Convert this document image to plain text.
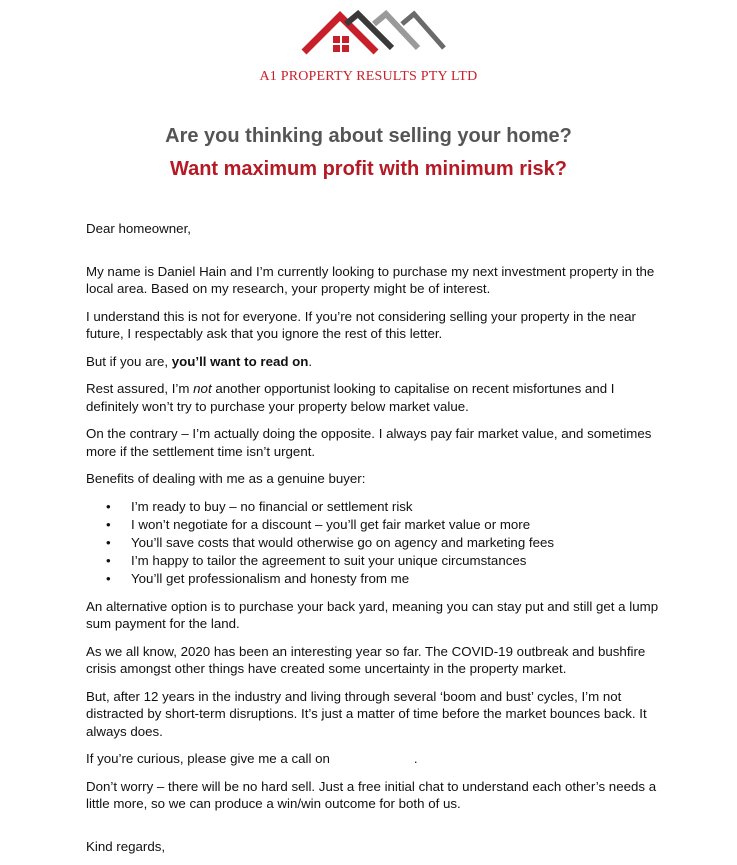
A1 PROPERTY RESULTS PTY LTD
Are you thinking about selling your home?
Want maximum profit with minimum risk?

Dear homeowner,

My name is Daniel Hain and I’m currently looking to purchase my next investment property in the local area. Based on my research, your property might be of interest.

I understand this is not for everyone. If you’re not considering selling your property in the near future, I respectably ask that you ignore the rest of this letter.

But if you are, you’ll want to read on.

Rest assured, I’m not another opportunist looking to capitalise on recent misfortunes and I definitely won’t try to purchase your property below market value.

On the contrary – I’m actually doing the opposite. I always pay fair market value, and sometimes more if the settlement time isn’t urgent.

Benefits of dealing with me as a genuine buyer:

• I’m ready to buy – no financial or settlement risk
• I won’t negotiate for a discount – you’ll get fair market value or more
• You’ll save costs that would otherwise go on agency and marketing fees
• I’m happy to tailor the agreement to suit your unique circumstances
• You’ll get professionalism and honesty from me

An alternative option is to purchase your back yard, meaning you can stay put and still get a lump sum payment for the land.

As we all know, 2020 has been an interesting year so far. The COVID-19 outbreak and bushfire crisis amongst other things have created some uncertainty in the property market.

But, after 12 years in the industry and living through several ‘boom and bust’ cycles, I’m not distracted by short-term disruptions. It’s just a matter of time before the market bounces back. It always does.

If you’re curious, please give me a call on	.

Don’t worry – there will be no hard sell. Just a free initial chat to understand each other’s needs a little more, so we can produce a win/win outcome for both of us.

Kind regards,
